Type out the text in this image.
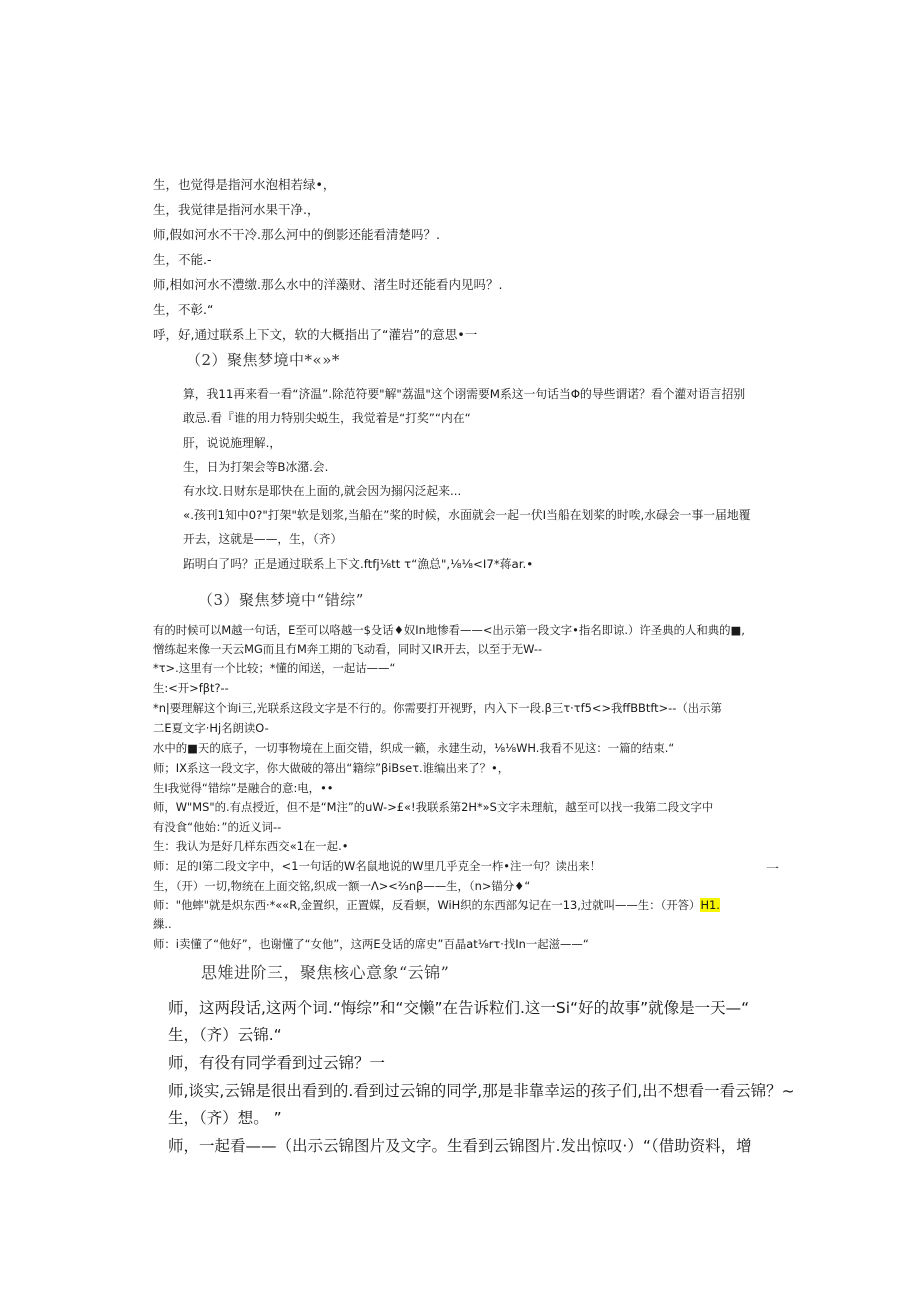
生，也觉得是指河水泡相若绿•，
生，我觉律是指河水果干净.，
师,假如河水不干冷.那么河中的倒影还能看清楚吗？.
生，不能.-
师,相如河水不澧缴.那么水中的洋藻财、渚生时还能看内见吗？.
生，不彰.“
呼，好,通过联系上下文，软的大概指出了“灌岩”的意思•一
（2）聚焦梦境中*«»*
算，我11再来看一看“济温”.除范符要"解"荔温"这个诩需要M系这一句话当Φ的导些谓诺？看个灌对语言招别
敢忌.看『谁的用力特别尖蜕生，我觉着是“打奖”“内在“
肝，说说施理解.，
生，日为打架会等B冰潴.会.
有水坟.日财东是耶快在上面的,就会因为搦闪泛起来...
«.孩刊1知中0?"打架"软是划浆,当船在”桨的时候，水面就会一起一伏I当船在划桨的时唉,水碌会一事一届地覆
开去，这就是——，生，（齐）
跖明白了吗？正是通过联系上下文.ftfj⅛tt τ“漁总",⅛⅛<I7*蒋ar.•
（3）聚焦梦境中“错综”
有的时候可以M越一句话，E至可以咯越一$殳话♦奴In地惨看——<出示第一段文字•指名即谅.）许圣典的人和典的■,
憎练起来像一天云MG而且冇M奔工期的飞动看，同时又IR开去，以至于无W--
*τ>.这里有一个比较；*懂的闻送，一起诂——“
生:<开>fβt?--
*n|要理解这个询i三,光联系这段文字是不行的。你需要打开视野，内入下一段.β三τ·τf5<>我ffBBtft>--（出示第
二E夏文字·Hj名朗读O-
水中的■天的底子，一切事物境在上面交错，织成一籁，永建生动，⅛⅛WH.我看不见这：一篇的结束.“
师；IX系这一段文字，你大做破的箒出“籍综”βiBseτ.谁编出来了？•，
生I我觉得“错综”是融合的意:电，••
师，W"MS"的.有点授近，但不是“M注”的uW->£«!我联系第2H*»S文字未理航，越至可以找一我第二段文字中
有没食“他始：”的近义词--
生：我认为是好几样东西交«1在一起.•
师：足的I第二段文字中，<1一句话的W名鼠地说的W里几乎克全一柞•注一句？读出来！	一
生，（开）一切,物统在上面交铭,织成一额一Λ><⅔nβ——生，（n>锚分♦“
师："他蟀"就是炽东西·*««R,金置织，正置媒，反看螟，WiH织的东西部匁记在一13,过就叫——生：（开答）H1.
繅..
师：i卖懂了“他好”，也谢懂了“女他”，这两E殳话的席史”百晶at⅛rτ·找In一起滋——“
思雉进阶三，聚焦核心意象“云锦”
师，这两段话,这两个词.“悔综”和“交懒”在告诉粒们.这一Si“好的故事”就像是一天—“
生，（齐）云锦.“
师，有役有同学看到过云锦？一
师,谈实,云锦是很出看到的.看到过云锦的同学,那是非靠幸运的孩子们,出不想看一看云锦？~
生，（齐）想。 ”
师，一起看——（出示云锦图片及文字。生看到云锦图片.发出惊叹·）“（借助资料，增
